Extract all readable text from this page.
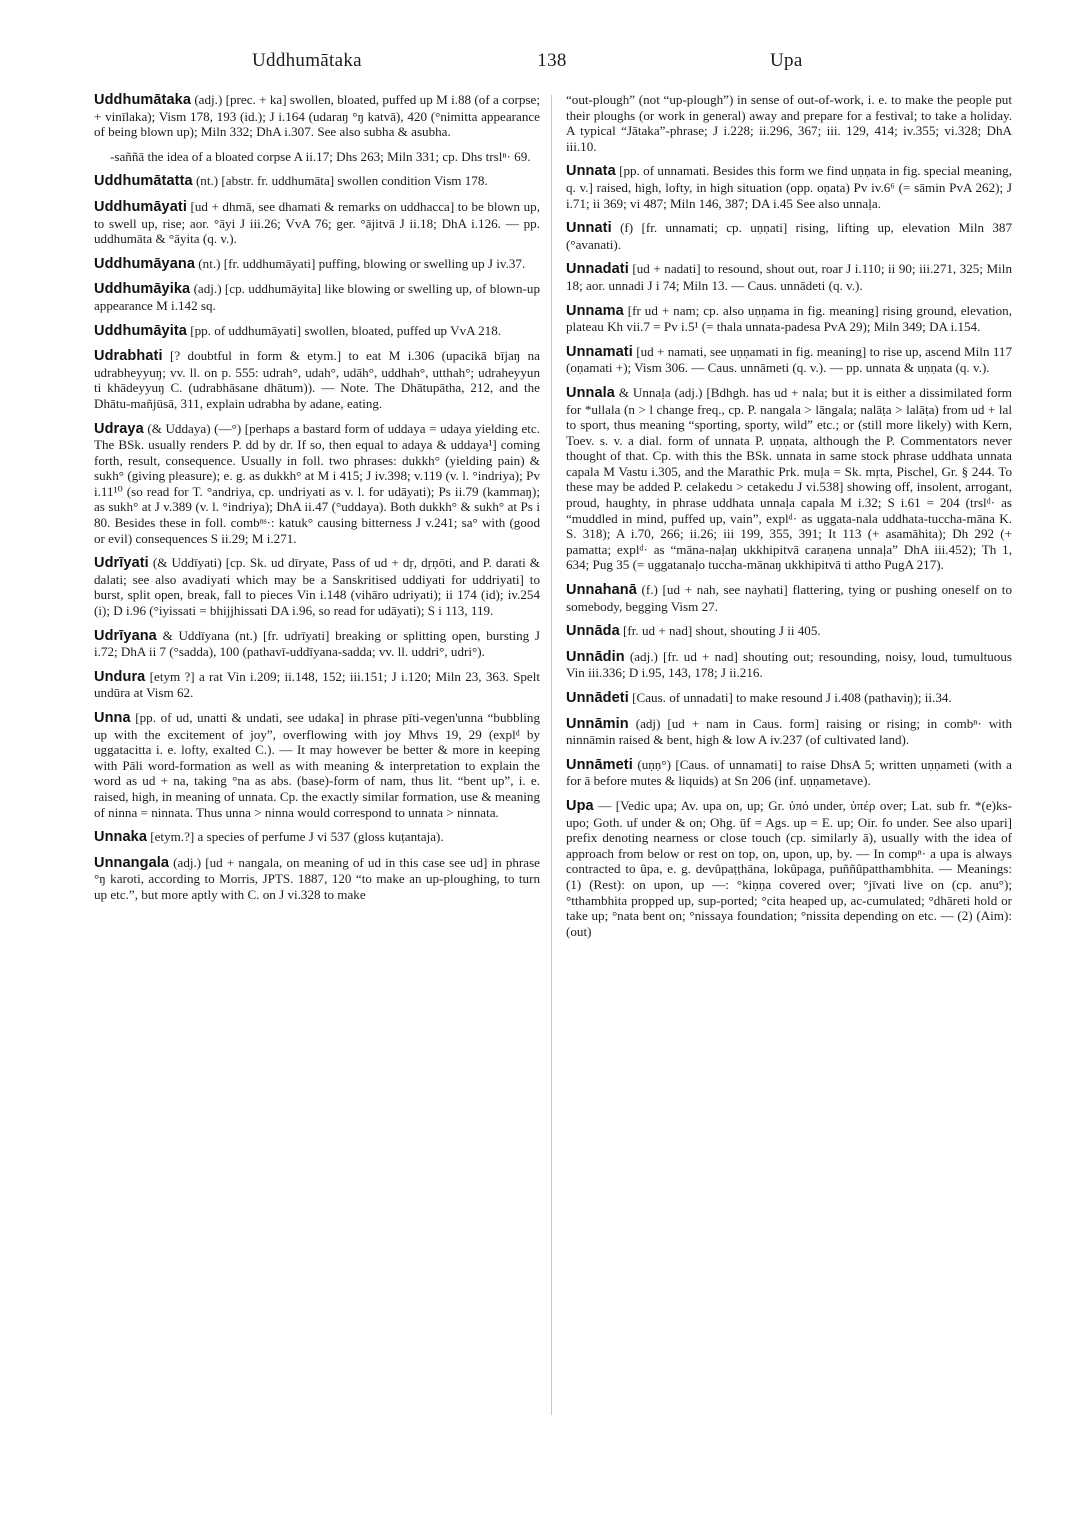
Uddhumātaka	138	Upa

Uddhumātaka (adj.) [prec. + ka] swollen, bloated, puffed up M i.88 (of a corpse; + vinīlaka); Vism 178, 193 (id.); J i.164 (udaraŋ °ŋ katvā), 420 (°nimitta appearance of being blown up); Miln 332; DhA i.307. See also subha & asubha.

-saññā the idea of a bloated corpse A ii.17; Dhs 263; Miln 331; cp. Dhs trslⁿ· 69.

Uddhumātatta (nt.) [abstr. fr. uddhumāta] swollen condition Vism 178.

Uddhumāyati [ud + dhmā, see dhamati & remarks on uddhacca] to be blown up, to swell up, rise; aor. °āyi J iii.26; VvA 76; ger. °ājitvā J ii.18; DhA i.126. — pp. uddhumāta & °āyita (q. v.).

Uddhumāyana (nt.) [fr. uddhumāyati] puffing, blowing or swelling up J iv.37.

Uddhumāyika (adj.) [cp. uddhumāyita] like blowing or swelling up, of blown-up appearance M i.142 sq.

Uddhumāyita [pp. of uddhumāyati] swollen, bloated, puffed up VvA 218.

Udrabhati [? doubtful in form & etym.] to eat M i.306 (upacikā bījaŋ na udrabheyyuŋ; vv. ll. on p. 555: udrah°, udah°, udāh°, uddhah°, utthah°; udraheyyun ti khādeyyuŋ C. (udrabhāsane dhātum)). — Note. The Dhātupātha, 212, and the Dhātu-mañjūsā, 311, explain udrabha by adane, eating.

Udraya (& Uddaya) (—°) [perhaps a bastard form of uddaya = udaya yielding etc. The BSk. usually renders P. dd by dr. If so, then equal to adaya & uddaya¹] coming forth, result, consequence. Usually in foll. two phrases: dukkh° (yielding pain) & sukh° (giving pleasure); e. g. as dukkh° at M i 415; J iv.398; v.119 (v. l. °indriya); Pv i.11¹⁰ (so read for T. °andriya, cp. undriyati as v. l. for udāyati); Ps ii.79 (kammaŋ); as sukh° at J v.389 (v. l. °indriya); DhA ii.47 (°uddaya). Both dukkh° & sukh° at Ps i 80. Besides these in foll. combⁿˢ·: katuk° causing bitterness J v.241; sa° with (good or evil) consequences S ii.29; M i.271.

Udrīyati (& Uddīyati) [cp. Sk. ud dīryate, Pass of ud + dṛ, dṛṇōti, and P. darati & dalati; see also avadiyati which may be a Sanskritised uddiyati for uddriyati] to burst, split open, break, fall to pieces Vin i.148 (vihāro udriyati); ii 174 (id); iv.254 (i); D i.96 (°iyissati = bhijjhissati DA i.96, so read for udāyati); S i 113, 119.

Udrīyana & Uddīyana (nt.) [fr. udrīyati] breaking or splitting open, bursting J i.72; DhA ii 7 (°sadda), 100 (pathavī-uddīyana-sadda; vv. ll. uddri°, udri°).

Undura [etym ?] a rat Vin i.209; ii.148, 152; iii.151; J i.120; Miln 23, 363. Spelt undūra at Vism 62.

Unna [pp. of ud, unatti & undati, see udaka] in phrase pīti-vegen'unna “bubbling up with the excitement of joy”, overflowing with joy Mhvs 19, 29 (explᵈ by uggatacitta i. e. lofty, exalted C.). — It may however be better & more in keeping with Pāli word-formation as well as with meaning & interpretation to explain the word as ud + na, taking °na as abs. (base)-form of nam, thus lit. “bent up”, i. e. raised, high, in meaning of unnata. Cp. the exactly similar formation, use & meaning of ninna = ninnata. Thus unna > ninna would correspond to unnata > ninnata.

Unnaka [etym.?] a species of perfume J vi 537 (gloss kuṭantaja).

Unnangala (adj.) [ud + nangala, on meaning of ud in this case see ud] in phrase °ŋ karoti, according to Morris, JPTS. 1887, 120 “to make an up-ploughing, to turn up etc.”, but more aptly with C. on J vi.328 to make

“out-plough” (not “up-plough”) in sense of out-of-work, i. e. to make the people put their ploughs (or work in general) away and prepare for a festival; to take a holiday. A typical “Jātaka”-phrase; J i.228; ii.296, 367; iii. 129, 414; iv.355; vi.328; DhA iii.10.

Unnata [pp. of unnamati. Besides this form we find uṇṇata in fig. special meaning, q. v.] raised, high, lofty, in high situation (opp. oṇata) Pv iv.6⁶ (= sāmin PvA 262); J i.71; ii 369; vi 487; Miln 146, 387; DA i.45 See also unnaḷa.

Unnati (f) [fr. unnamati; cp. uṇṇati] rising, lifting up, elevation Miln 387 (°avanati).

Unnadati [ud + nadati] to resound, shout out, roar J i.110; ii 90; iii.271, 325; Miln 18; aor. unnadi J i 74; Miln 13. — Caus. unnādeti (q. v.).

Unnama [fr ud + nam; cp. also uṇṇama in fig. meaning] rising ground, elevation, plateau Kh vii.7 = Pv i.5¹ (= thala unnata-padesa PvA 29); Miln 349; DA i.154.

Unnamati [ud + namati, see uṇṇamati in fig. meaning] to rise up, ascend Miln 117 (oṇamati +); Vism 306. — Caus. unnāmeti (q. v.). — pp. unnata & uṇṇata (q. v.).

Unnala & Unnaḷa (adj.) [Bdhgh. has ud + nala; but it is either a dissimilated form for *ullala (n > l change freq., cp. P. nangala > lāngala; nalāṭa > lalāṭa) from ud + lal to sport, thus meaning “sporting, sporty, wild” etc.; or (still more likely) with Kern, Toev. s. v. a dial. form of unnata P. uṇṇata, although the P. Commentators never thought of that. Cp. with this the BSk. unnata in same stock phrase uddhata unnata capala M Vastu i.305, and the Marathic Prk. muḷa = Sk. mṛta, Pischel, Gr. § 244. To these may be added P. celakedu > cetakedu J vi.538] showing off, insolent, arrogant, proud, haughty, in phrase uddhata unnaḷa capala M i.32; S i.61 = 204 (trslᵈ· as “muddled in mind, puffed up, vain”, explᵈ· as uggata-nala uddhata-tuccha-māna K. S. 318); A i.70, 266; ii.26; iii 199, 355, 391; It 113 (+ asamāhita); Dh 292 (+ pamatta; explᵈ· as “māna-naḷaŋ ukkhipitvā caraṇena unnaḷa” DhA iii.452); Th 1, 634; Pug 35 (= uggatanaḷo tuccha-mānaŋ ukkhipitvā ti attho PugA 217).

Unnahanā (f.) [ud + nah, see nayhati] flattering, tying or pushing oneself on to somebody, begging Vism 27.

Unnāda [fr. ud + nad] shout, shouting J ii 405.

Unnādin (adj.) [fr. ud + nad] shouting out; resounding, noisy, loud, tumultuous Vin iii.336; D i.95, 143, 178; J ii.216.

Unnādeti [Caus. of unnadati] to make resound J i.408 (pathaviŋ); ii.34.

Unnāmin (adj) [ud + nam in Caus. form] raising or rising; in combⁿ· with ninnāmin raised & bent, high & low A iv.237 (of cultivated land).

Unnāmeti (uṇṇ°) [Caus. of unnamati] to raise DhsA 5; written uṇṇameti (with a for ā before mutes & liquids) at Sn 206 (inf. uṇṇametave).

Upa — [Vedic upa; Av. upa on, up; Gr. ὑπό under, ὑπέρ over; Lat. sub fr. *(e)ks-upo; Goth. uf under & on; Ohg. ūf = Ags. up = E. up; Oir. fo under. See also upari] prefix denoting nearness or close touch (cp. similarly ā), usually with the idea of approach from below or rest on top, on, upon, up, by. — In compⁿ· a upa is always contracted to ûpa, e. g. devûpaṭṭhāna, lokûpaga, puññûpatthambhita. — Meanings: (1) (Rest): on upon, up —: °kiṇṇa covered over; °jīvati live on (cp. anu°); °tthambhita propped up, sup-ported; °cita heaped up, ac-cumulated; °dhāreti hold or take up; °nata bent on; °nissaya foundation; °nissita depending on etc. — (2) (Aim): (out)
